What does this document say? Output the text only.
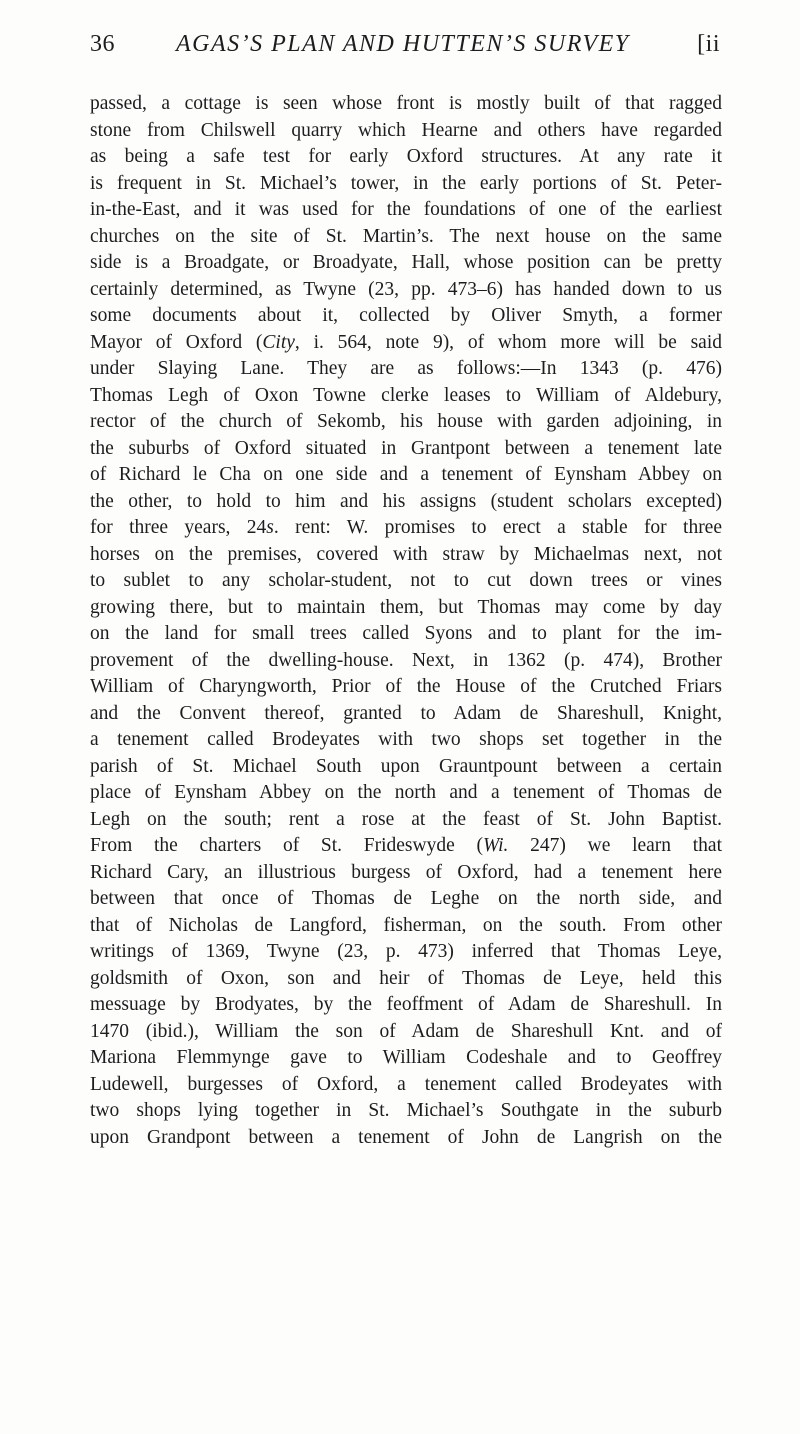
36	AGAS’S PLAN AND HUTTEN’S SURVEY	[ii
passed, a cottage is seen whose front is mostly built of that ragged
stone from Chilswell quarry which Hearne and others have regarded
as being a safe test for early Oxford structures. At any rate it
is frequent in St. Michael’s tower, in the early portions of St. Peter-
in-the-East, and it was used for the foundations of one of the earliest
churches on the site of St. Martin’s. The next house on the same
side is a Broadgate, or Broadyate, Hall, whose position can be pretty
certainly determined, as Twyne (23, pp. 473–6) has handed down to us
some documents about it, collected by Oliver Smyth, a former
Mayor of Oxford (City, i. 564, note 9), of whom more will be said
under Slaying Lane. They are as follows:—In 1343 (p. 476)
Thomas Legh of Oxon Towne clerke leases to William of Aldebury,
rector of the church of Sekomb, his house with garden adjoining, in
the suburbs of Oxford situated in Grantpont between a tenement late
of Richard le Cha on one side and a tenement of Eynsham Abbey on
the other, to hold to him and his assigns (student scholars excepted)
for three years, 24s. rent: W. promises to erect a stable for three
horses on the premises, covered with straw by Michaelmas next, not
to sublet to any scholar-student, not to cut down trees or vines
growing there, but to maintain them, but Thomas may come by day
on the land for small trees called Syons and to plant for the im-
provement of the dwelling-house. Next, in 1362 (p. 474), Brother
William of Charyngworth, Prior of the House of the Crutched Friars
and the Convent thereof, granted to Adam de Shareshull, Knight,
a tenement called Brodeyates with two shops set together in the
parish of St. Michael South upon Grauntpount between a certain
place of Eynsham Abbey on the north and a tenement of Thomas de
Legh on the south; rent a rose at the feast of St. John Baptist.
From the charters of St. Frideswyde (Wi. 247) we learn that
Richard Cary, an illustrious burgess of Oxford, had a tenement here
between that once of Thomas de Leghe on the north side, and
that of Nicholas de Langford, fisherman, on the south. From other
writings of 1369, Twyne (23, p. 473) inferred that Thomas Leye,
goldsmith of Oxon, son and heir of Thomas de Leye, held this
messuage by Brodyates, by the feoffment of Adam de Shareshull. In
1470 (ibid.), William the son of Adam de Shareshull Knt. and of
Mariona Flemmynge gave to William Codeshale and to Geoffrey
Ludewell, burgesses of Oxford, a tenement called Brodeyates with
two shops lying together in St. Michael’s Southgate in the suburb
upon Grandpont between a tenement of John de Langrish on the
